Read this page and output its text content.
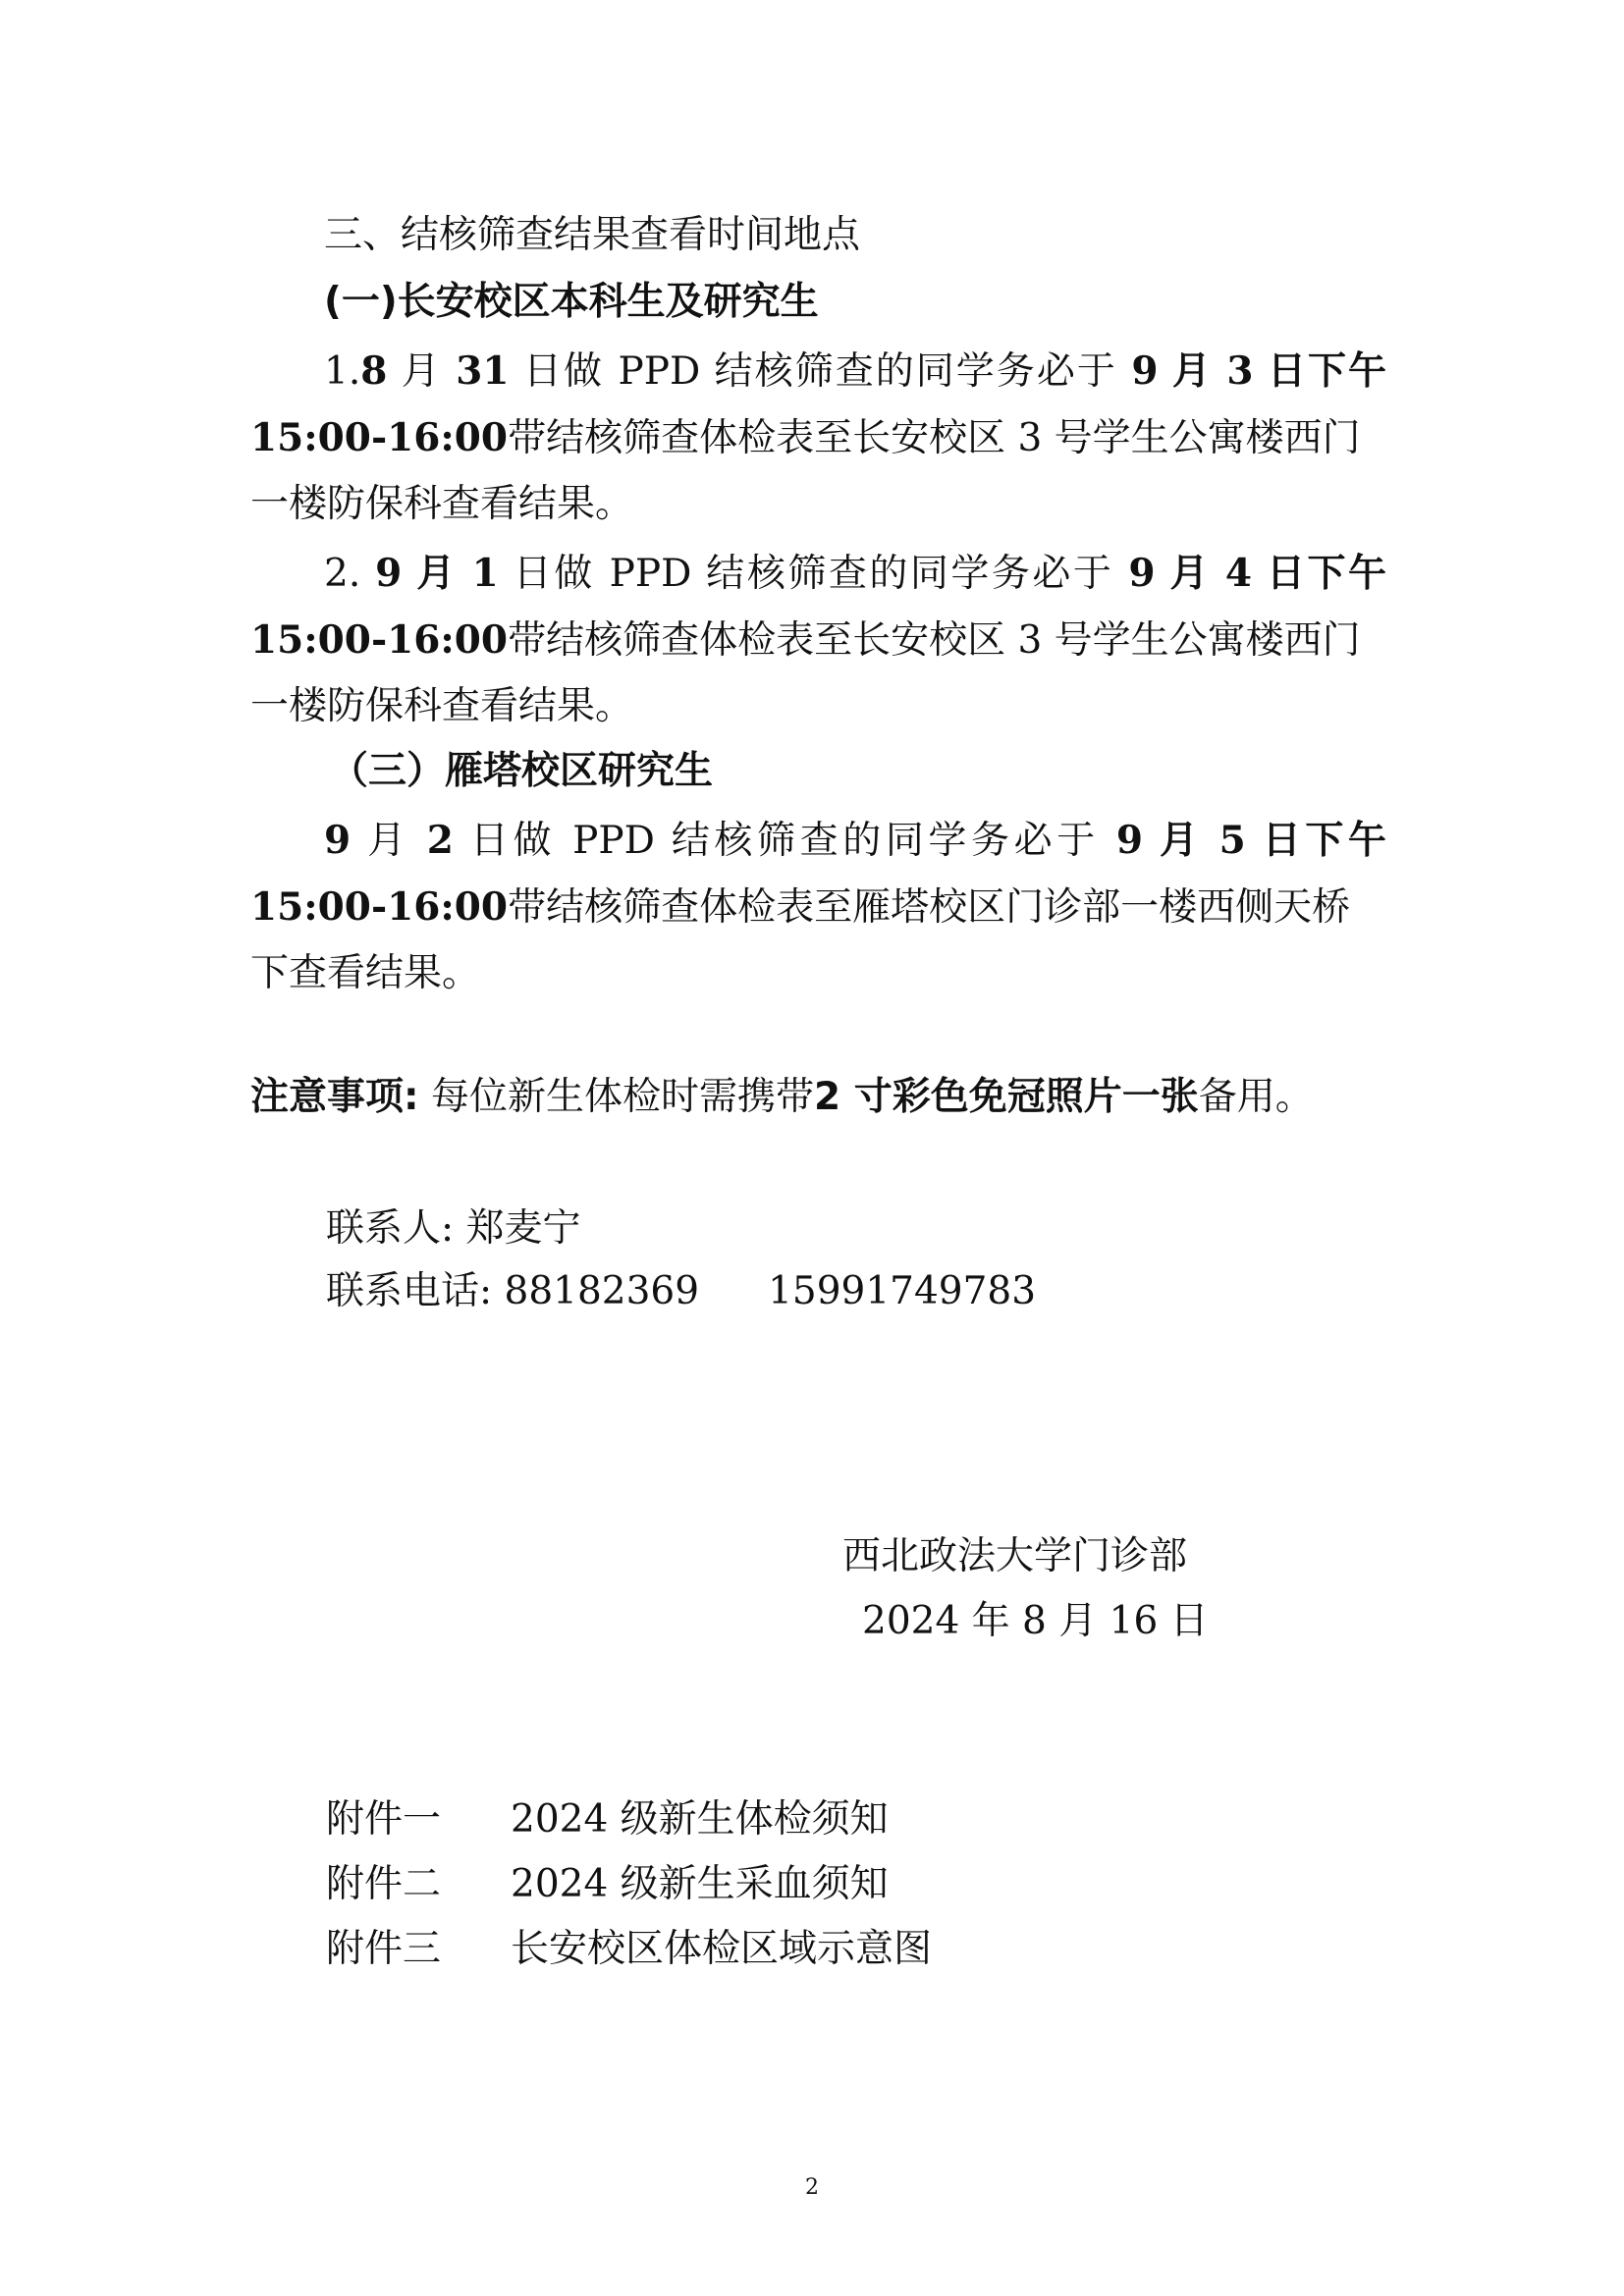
三、结核筛查结果查看时间地点
(一)长安校区本科生及研究生
1.8 月 31 日做 PPD 结核筛查的同学务必于 9 月 3 日下午
15:00-16:00带结核筛查体检表至长安校区 3 号学生公寓楼西门
一楼防保科查看结果。
2. 9 月 1 日做 PPD 结核筛查的同学务必于 9 月 4 日下午
15:00-16:00带结核筛查体检表至长安校区 3 号学生公寓楼西门
一楼防保科查看结果。
（三）雁塔校区研究生
9 月 2 日做 PPD 结核筛查的同学务必于 9 月 5 日下午
15:00-16:00带结核筛查体检表至雁塔校区门诊部一楼西侧天桥
下查看结果。
注意事项: 每位新生体检时需携带2 寸彩色免冠照片一张备用。
联系人: 郑麦宁
联系电话: 88182369 15991749783
西北政法大学门诊部
2024 年 8 月 16 日
附件一 2024 级新生体检须知
附件二 2024 级新生采血须知
附件三 长安校区体检区域示意图
2
